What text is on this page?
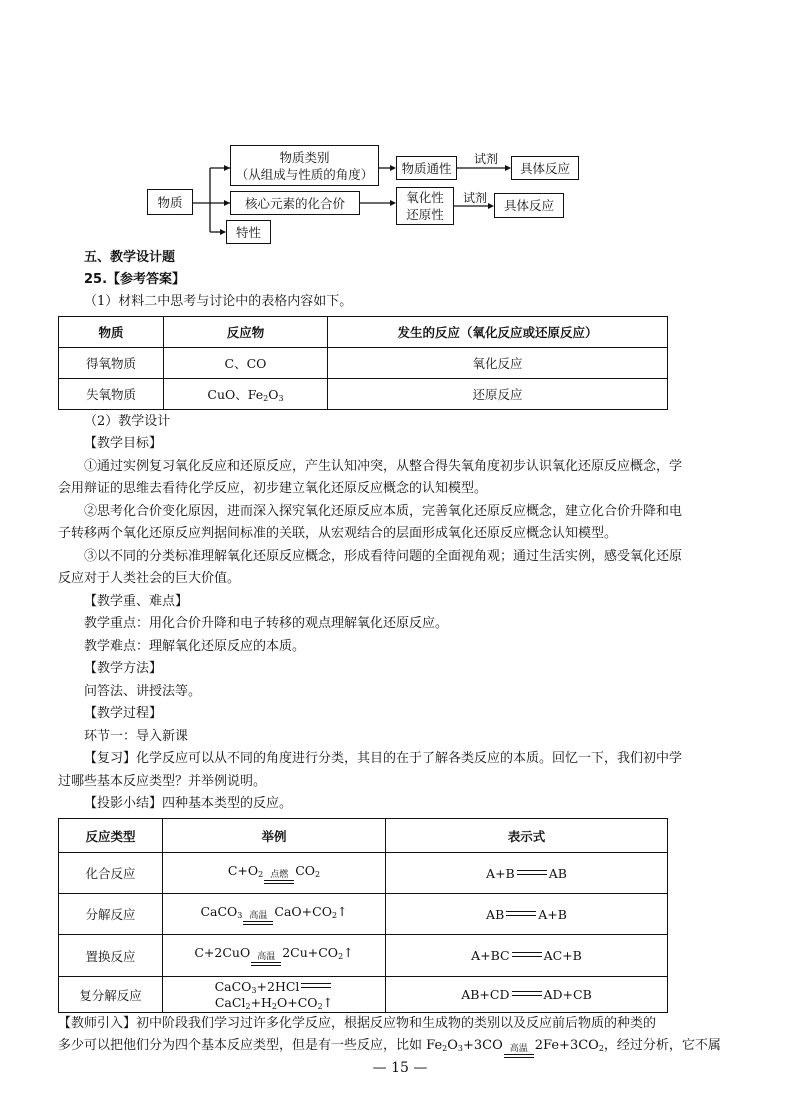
物质
物质类别
（从组成与性质的角度）
核心元素的化合价
特性
物质通性
氧化性
还原性
试剂
试剂
具体反应
具体反应
五、教学设计题
25.【参考答案】
（1）材料二中思考与讨论中的表格内容如下。
物质	反应物	发生的反应（氧化反应或还原反应）
得氧物质	C、CO	氧化反应
失氧物质	CuO、$Fe_2O_3$	还原反应
（2）教学设计
【教学目标】
①通过实例复习氧化反应和还原反应，产生认知冲突，从整合得失氧角度初步认识氧化还原反应概念，学
会用辩证的思维去看待化学反应，初步建立氧化还原反应概念的认知模型。
②思考化合价变化原因，进而深入探究氧化还原反应本质，完善氧化还原反应概念，建立化合价升降和电
子转移两个氧化还原反应判据间标准的关联，从宏观结合的层面形成氧化还原反应概念认知模型。
③以不同的分类标准理解氧化还原反应概念，形成看待问题的全面视角观；通过生活实例，感受氧化还原
反应对于人类社会的巨大价值。
【教学重、难点】
教学重点：用化合价升降和电子转移的观点理解氧化还原反应。
教学难点：理解氧化还原反应的本质。
【教学方法】
问答法、讲授法等。
【教学过程】
环节一：导入新课
【复习】化学反应可以从不同的角度进行分类，其目的在于了解各类反应的本质。回忆一下，我们初中学
过哪些基本反应类型？并举例说明。
【投影小结】四种基本类型的反应。
反应类型	举例	表示式
化合反应	$C+O_2$ 点燃 $CO_2$	A+B AB
分解反应	CaCO$_3$ 高温 $CaO+CO_2↑$	AB A+B
置换反应	C+2CuO 高温 $2Cu+CO_2↑$	A+BC AC+B
复分解反应	$CaCO_3+2HClCaCl_2+H_2O+CO_2↑$	AB+CD AD+CB
【教师引入】初中阶段我们学习过许多化学反应，根据反应物和生成物的类别以及反应前后物质的种类的
多少可以把他们分为四个基本反应类型，但是有一些反应，比如 $Fe_2O_3+3CO$ 高温 $2Fe+3CO_2$，经过分析，它不属
— 15 —
